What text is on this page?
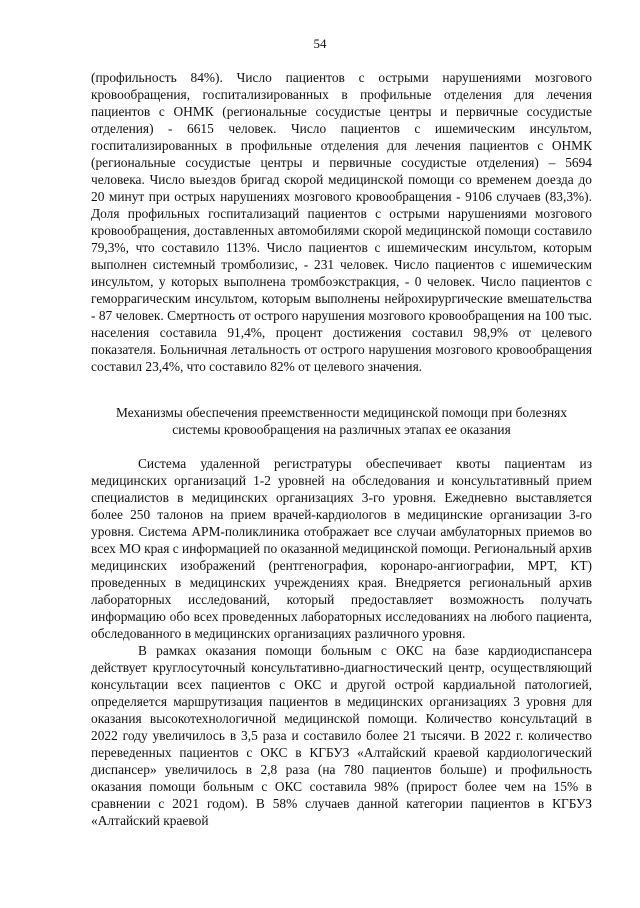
54

(профильность 84%). Число пациентов с острыми нарушениями мозгового кровообращения, госпитализированных в профильные отделения для лечения пациентов с ОНМК (региональные сосудистые центры и первичные сосудистые отделения) - 6615 человек. Число пациентов с ишемическим инсультом, госпитализированных в профильные отделения для лечения пациентов с ОНМК (региональные сосудистые центры и первичные сосудистые отделения) – 5694 человека. Число выездов бригад скорой медицинской помощи со временем доезда до 20 минут при острых нарушениях мозгового кровообращения - 9106 случаев (83,3%). Доля профильных госпитализаций пациентов с острыми нарушениями мозгового кровообращения, доставленных автомобилями скорой медицинской помощи составило 79,3%, что составило 113%. Число пациентов с ишемическим инсультом, которым выполнен системный тромболизис, - 231 человек. Число пациентов с ишемическим инсультом, у которых выполнена тромбоэкстракция, - 0 человек. Число пациентов с геморрагическим инсультом, которым выполнены нейрохирургические вмешательства - 87 человек. Смертность от острого нарушения мозгового кровообращения на 100 тыс. населения составила 91,4%, процент достижения составил 98,9% от целевого показателя. Больничная летальность от острого нарушения мозгового кровообращения составил 23,4%, что составило 82% от целевого значения.

Механизмы обеспечения преемственности медицинской помощи при болезнях системы кровообращения на различных этапах ее оказания

Система удаленной регистратуры обеспечивает квоты пациентам из медицинских организаций 1-2 уровней на обследования и консультативный прием специалистов в медицинских организациях 3-го уровня. Ежедневно выставляется более 250 талонов на прием врачей-кардиологов в медицинские организации 3-го уровня. Система АРМ-поликлиника отображает все случаи амбулаторных приемов во всех МО края с информацией по оказанной медицинской помощи. Региональный архив медицинских изображений (рентгенография, коронаро-ангиографии, МРТ, КТ) проведенных в медицинских учреждениях края. Внедряется региональный архив лабораторных исследований, который предоставляет возможность получать информацию обо всех проведенных лабораторных исследованиях на любого пациента, обследованного в медицинских организациях различного уровня.

В рамках оказания помощи больным с ОКС на базе кардиодиспансера действует круглосуточный консультативно-диагностический центр, осуществляющий консультации всех пациентов с ОКС и другой острой кардиальной патологией, определяется маршрутизация пациентов в медицинских организациях 3 уровня для оказания высокотехнологичной медицинской помощи. Количество консультаций в 2022 году увеличилось в 3,5 раза и составило более 21 тысячи. В 2022 г. количество переведенных пациентов с ОКС в КГБУЗ «Алтайский краевой кардиологический диспансер» увеличилось в 2,8 раза (на 780 пациентов больше) и профильность оказания помощи больным с ОКС составила 98% (прирост более чем на 15% в сравнении с 2021 годом). В 58% случаев данной категории пациентов в КГБУЗ «Алтайский краевой
